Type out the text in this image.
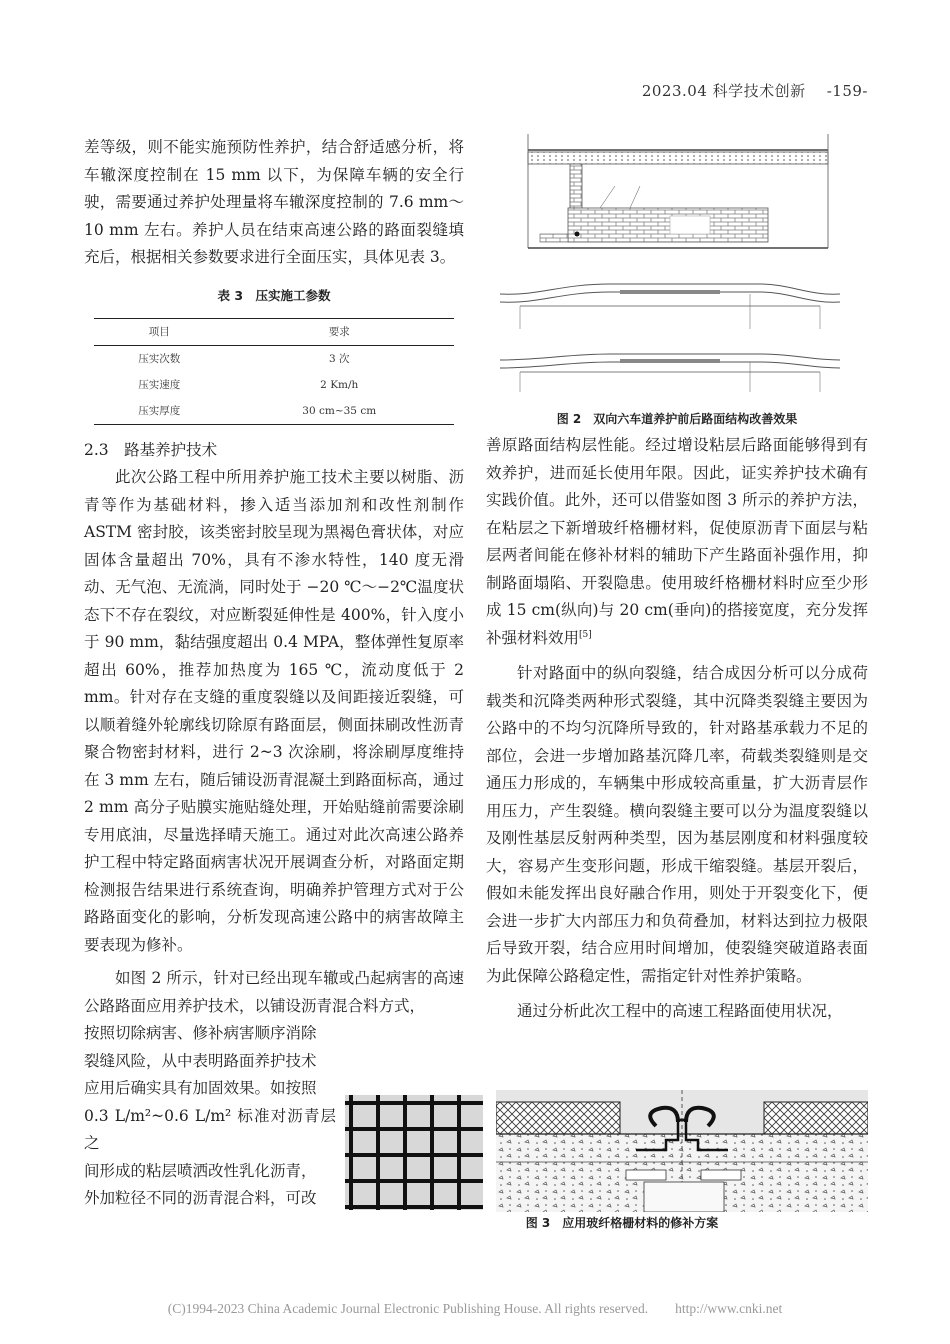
2023.04 科学技术创新 -159-

差等级，则不能实施预防性养护，结合舒适感分析，将车辙深度控制在 15 mm 以下，为保障车辆的安全行驶，需要通过养护处理量将车辙深度控制的 7.6 mm～10 mm 左右。养护人员在结束高速公路的路面裂缝填充后，根据相关参数要求进行全面压实，具体见表 3。

表 3　压实施工参数
项目	要求
压实次数	3 次
压实速度	2 Km/h
压实厚度	30 cm~35 cm

2.3　路基养护技术

此次公路工程中所用养护施工技术主要以树脂、沥青等作为基础材料，掺入适当添加剂和改性剂制作 ASTM 密封胶，该类密封胶呈现为黑褐色膏状体，对应固体含量超出 70%，具有不渗水特性，140 度无滑动、无气泡、无流淌，同时处于 −20 ℃～−2℃温度状态下不存在裂纹，对应断裂延伸性是 400%，针入度小于 90 mm，黏结强度超出 0.4 MPA，整体弹性复原率超出 60%，推荐加热度为 165 ℃，流动度低于 2 mm。针对存在支缝的重度裂缝以及间距接近裂缝，可以顺着缝外轮廓线切除原有路面层，侧面抹刷改性沥青聚合物密封材料，进行 2~3 次涂刷，将涂刷厚度维持在 3 mm 左右，随后铺设沥青混凝土到路面标高，通过 2 mm 高分子贴膜实施贴缝处理，开始贴缝前需要涂刷专用底油，尽量选择晴天施工。通过对此次高速公路养护工程中特定路面病害状况开展调查分析，对路面定期检测报告结果进行系统查询，明确养护管理方式对于公路路面变化的影响，分析发现高速公路中的病害故障主要表现为修补。

如图 2 所示，针对已经出现车辙或凸起病害的高速公路路面应用养护技术，以铺设沥青混合料方式，

按照切除病害、修补病害顺序消除
裂缝风险，从中表明路面养护技术
应用后确实具有加固效果。如按照
0.3 L/m²~0.6 L/m² 标准对沥青层之
间形成的粘层喷洒改性乳化沥青，
外加粒径不同的沥青混合料，可改
图 2　双向六车道养护前后路面结构改善效果

善原路面结构层性能。经过增设粘层后路面能够得到有效养护，进而延长使用年限。因此，证实养护技术确有实践价值。此外，还可以借鉴如图 3 所示的养护方法，在粘层之下新增玻纤格栅材料，促使原沥青下面层与粘层两者间能在修补材料的辅助下产生路面补强作用，抑制路面塌陷、开裂隐患。使用玻纤格栅材料时应至少形成 15 cm(纵向)与 20 cm(垂向)的搭接宽度，充分发挥补强材料效用[5]

针对路面中的纵向裂缝，结合成因分析可以分成荷载类和沉降类两种形式裂缝，其中沉降类裂缝主要因为公路中的不均匀沉降所导致的，针对路基承载力不足的部位，会进一步增加路基沉降几率，荷载类裂缝则是交通压力形成的，车辆集中形成较高重量，扩大沥青层作用压力，产生裂缝。横向裂缝主要可以分为温度裂缝以及刚性基层反射两种类型，因为基层刚度和材料强度较大，容易产生变形问题，形成干缩裂缝。基层开裂后，假如未能发挥出良好融合作用，则处于开裂变化下，便会进一步扩大内部压力和负荷叠加，材料达到拉力极限后导致开裂，结合应用时间增加，使裂缝突破道路表面为此保障公路稳定性，需指定针对性养护策略。

通过分析此次工程中的高速工程路面使用状况，

图 3　应用玻纤格栅材料的修补方案
(C)1994-2023 China Academic Journal Electronic Publishing House. All rights reserved.　　http://www.cnki.net
